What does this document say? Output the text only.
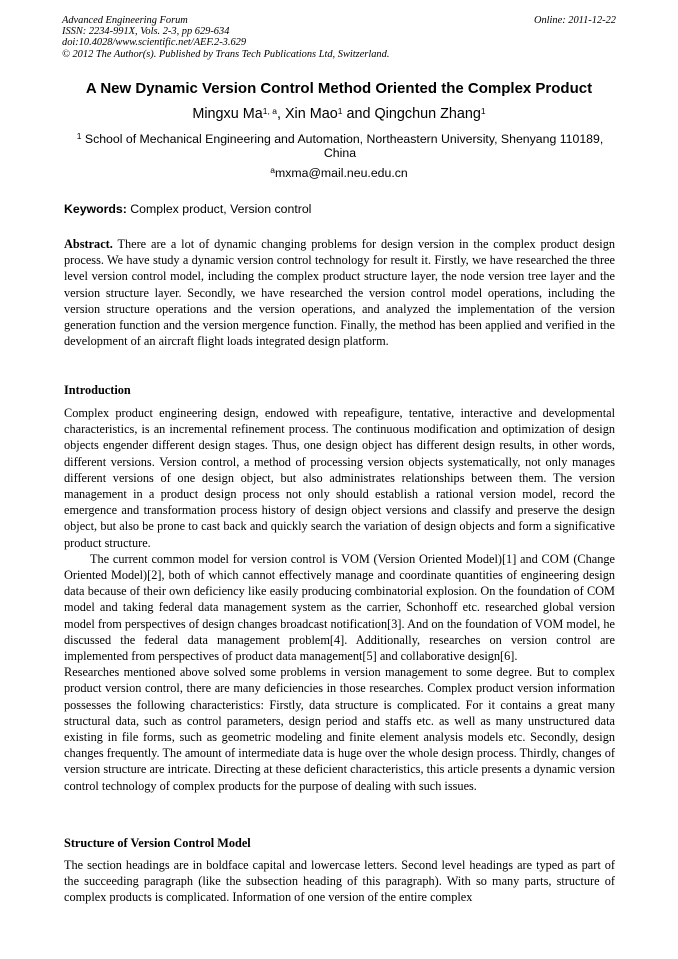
Advanced Engineering Forum
ISSN: 2234-991X, Vols. 2-3, pp 629-634
doi:10.4028/www.scientific.net/AEF.2-3.629
© 2012 The Author(s). Published by Trans Tech Publications Ltd, Switzerland.
Online: 2011-12-22
A New Dynamic Version Control Method Oriented the Complex Product
Mingxu Ma$^{1, a}$, Xin Mao$^1$ and Qingchun Zhang$^1$
$^1$ School of Mechanical Engineering and Automation, Northeastern University, Shenyang 110189, China
$^a$mxma@mail.neu.edu.cn
Keywords: Complex product, Version control

Abstract. There are a lot of dynamic changing problems for design version in the complex product design process. We have study a dynamic version control technology for result it. Firstly, we have researched the three level version control model, including the complex product structure layer, the node version tree layer and the version structure layer. Secondly, we have researched the version control model operations, including the version structure operations and the version operations, and analyzed the implementation of the version generation function and the version mergence function. Finally, the method has been applied and verified in the development of an aircraft flight loads integrated design platform.

Introduction

Complex product engineering design, endowed with repeafigure, tentative, interactive and developmental characteristics, is an incremental refinement process. The continuous modification and optimization of design objects engender different design stages. Thus, one design object has different design results, in other words, different versions. Version control, a method of processing version objects systematically, not only manages different versions of one design object, but also administrates relationships between them. The version management in a product design process not only should establish a rational version model, record the emergence and transformation process history of design object versions and classify and preserve the design object, but also be prone to cast back and quickly search the variation of design objects and form a significative product structure.

The current common model for version control is VOM (Version Oriented Model)[1] and COM (Change Oriented Model)[2], both of which cannot effectively manage and coordinate quantities of engineering design data because of their own deficiency like easily producing combinatorial explosion. On the foundation of COM model and taking federal data management system as the carrier, Schonhoff etc. researched global version model from perspectives of design changes broadcast notification[3]. And on the foundation of VOM model, he discussed the federal data management problem[4]. Additionally, researches on version control are implemented from perspectives of product data management[5] and collaborative design[6].

Researches mentioned above solved some problems in version management to some degree. But to complex product version control, there are many deficiencies in those researches. Complex product version information possesses the following characteristics: Firstly, data structure is complicated. For it contains a great many structural data, such as control parameters, design period and staffs etc. as well as many unstructured data existing in file forms, such as geometric modeling and finite element analysis models etc. Secondly, design changes frequently. The amount of intermediate data is huge over the whole design process. Thirdly, changes of version structure are intricate. Directing at these deficient characteristics, this article presents a dynamic version control technology of complex products for the purpose of dealing with such issues.

Structure of Version Control Model

The section headings are in boldface capital and lowercase letters. Second level headings are typed as part of the succeeding paragraph (like the subsection heading of this paragraph). With so many parts, structure of complex products is complicated. Information of one version of the entire complex
